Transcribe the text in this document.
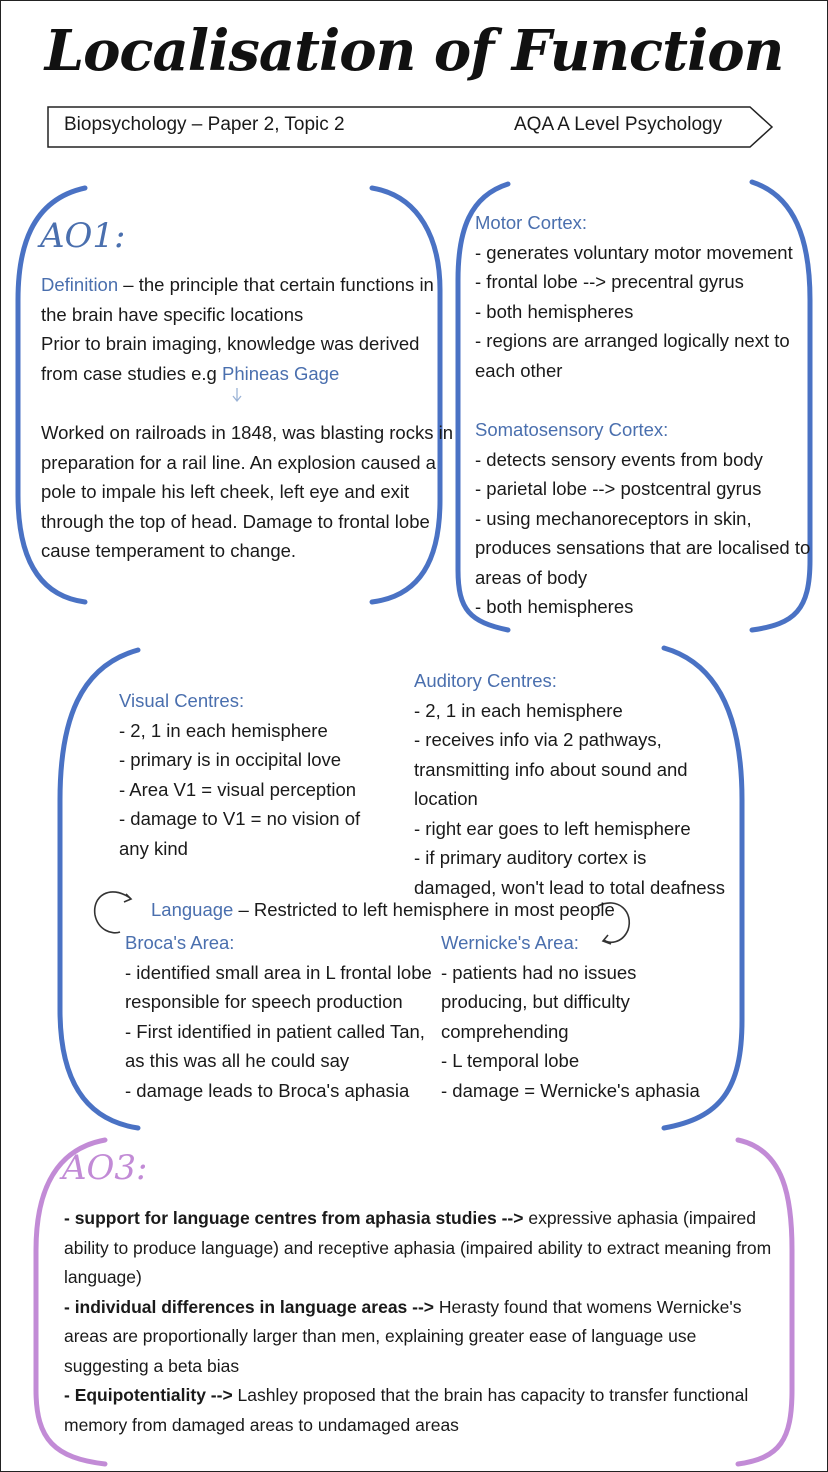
Localisation of Function
Biopsychology – Paper 2, Topic 2	AQA A Level Psychology
AO1:
Definition – the principle that certain functions in
the brain have specific locations
Prior to brain imaging, knowledge was derived
from case studies e.g Phineas Gage
Worked on railroads in 1848, was blasting rocks in
preparation for a rail line. An explosion caused a
pole to impale his left cheek, left eye and exit
through the top of head. Damage to frontal lobe
cause temperament to change.
Motor Cortex:
- generates voluntary motor movement
- frontal lobe --> precentral gyrus
- both hemispheres
- regions are arranged logically next to
each other
Somatosensory Cortex:
- detects sensory events from body
- parietal lobe --> postcentral gyrus
- using mechanoreceptors in skin,
produces sensations that are localised to
areas of body
- both hemispheres
Visual Centres:
- 2, 1 in each hemisphere
- primary is in occipital love
- Area V1 = visual perception
- damage to V1 = no vision of
any kind
Auditory Centres:
- 2, 1 in each hemisphere
- receives info via 2 pathways,
transmitting info about sound and
location
- right ear goes to left hemisphere
- if primary auditory cortex is
damaged, won't lead to total deafness
Language – Restricted to left hemisphere in most people
Broca's Area:
- identified small area in L frontal lobe
responsible for speech production
- First identified in patient called Tan,
as this was all he could say
- damage leads to Broca's aphasia
Wernicke's Area:
- patients had no issues
producing, but difficulty
comprehending
- L temporal lobe
- damage = Wernicke's aphasia
AO3:
- support for language centres from aphasia studies --> expressive aphasia (impaired
ability to produce language) and receptive aphasia (impaired ability to extract meaning from
language)
- individual differences in language areas --> Herasty found that womens Wernicke's
areas are proportionally larger than men, explaining greater ease of language use
suggesting a beta bias
- Equipotentiality --> Lashley proposed that the brain has capacity to transfer functional
memory from damaged areas to undamaged areas
